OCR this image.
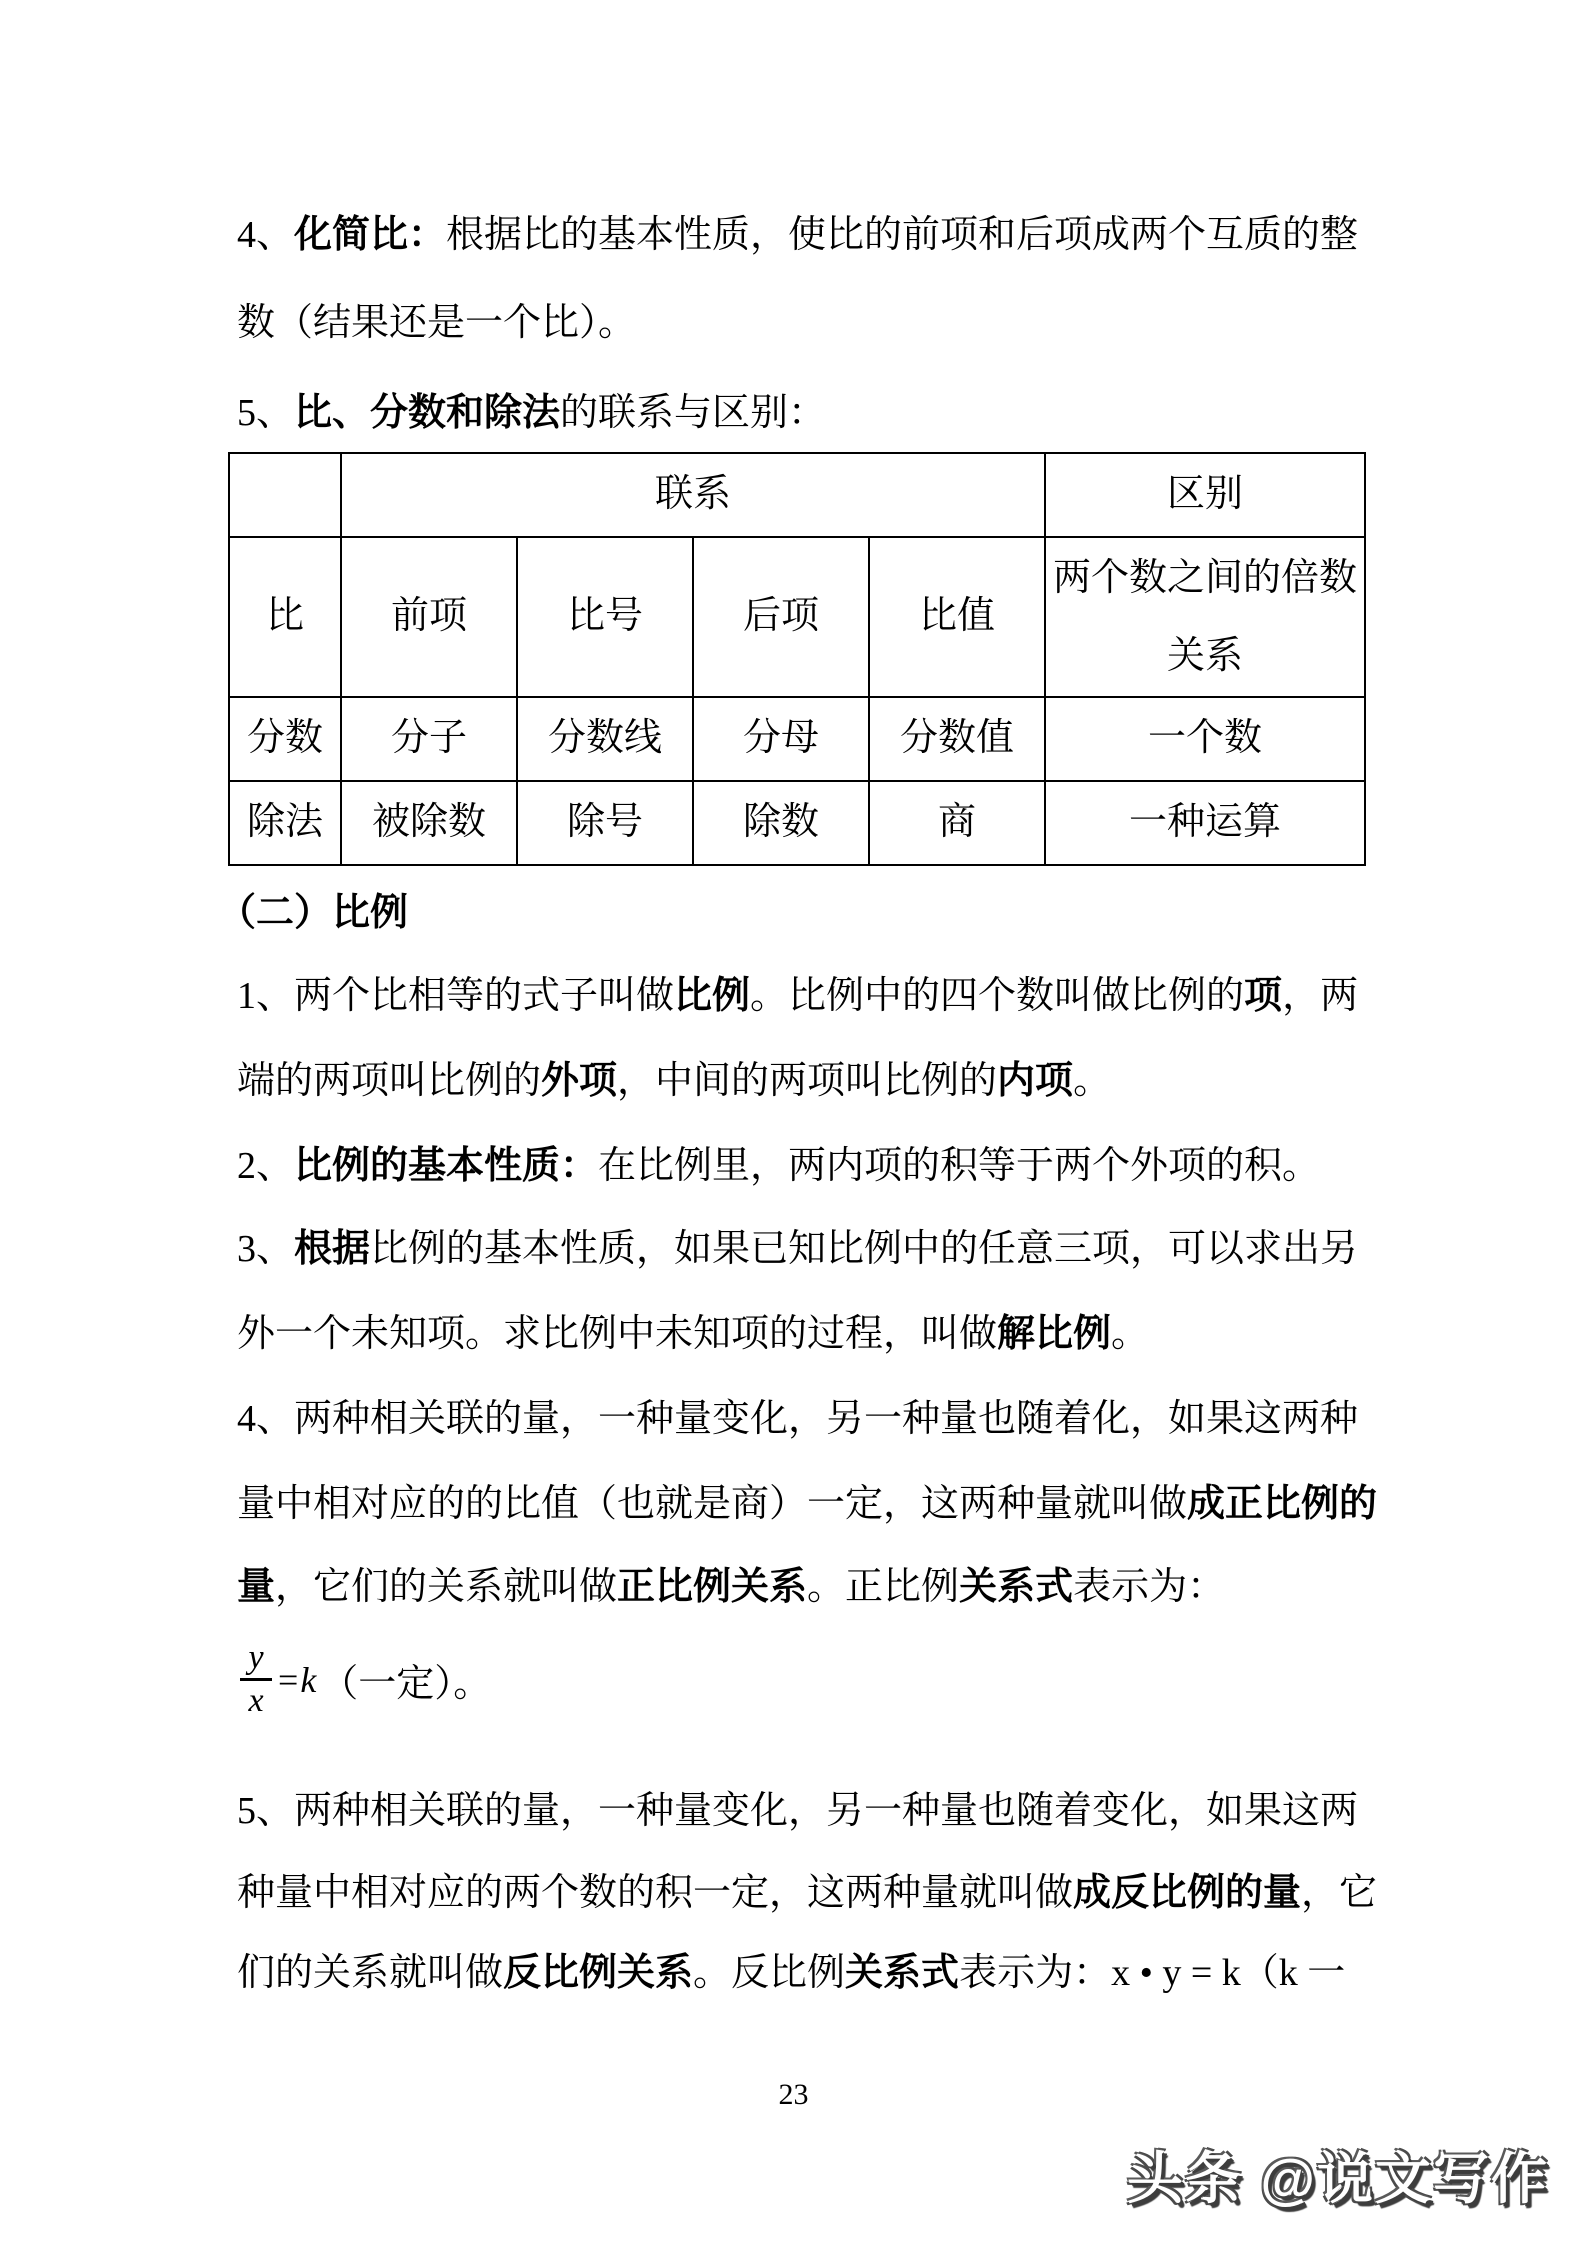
4、化简比：根据比的基本性质，使比的前项和后项成两个互质的整
数（结果还是一个比）。
5、比、分数和除法的联系与区别：
	联系				区别
比	前项	比号	后项	比值	两个数之间的倍数关系
分数	分子	分数线	分母	分数值	一个数
除法	被除数	除号	除数	商	一种运算
（二）比例
1、两个比相等的式子叫做比例。比例中的四个数叫做比例的项，两
端的两项叫比例的外项，中间的两项叫比例的内项。
2、比例的基本性质：在比例里，两内项的积等于两个外项的积。
3、根据比例的基本性质，如果已知比例中的任意三项，可以求出另
外一个未知项。求比例中未知项的过程，叫做解比例。
4、两种相关联的量，一种量变化，另一种量也随着化，如果这两种
量中相对应的的比值（也就是商）一定，这两种量就叫做成正比例的
量，它们的关系就叫做正比例关系。正比例关系式表示为：
$\frac{y}{x} = k$ （一定）。
5、两种相关联的量，一种量变化，另一种量也随着变化，如果这两
种量中相对应的两个数的积一定，这两种量就叫做成反比例的量，它
们的关系就叫做反比例关系。反比例关系式表示为：x • y = k（k 一
23
头条 @说文写作
